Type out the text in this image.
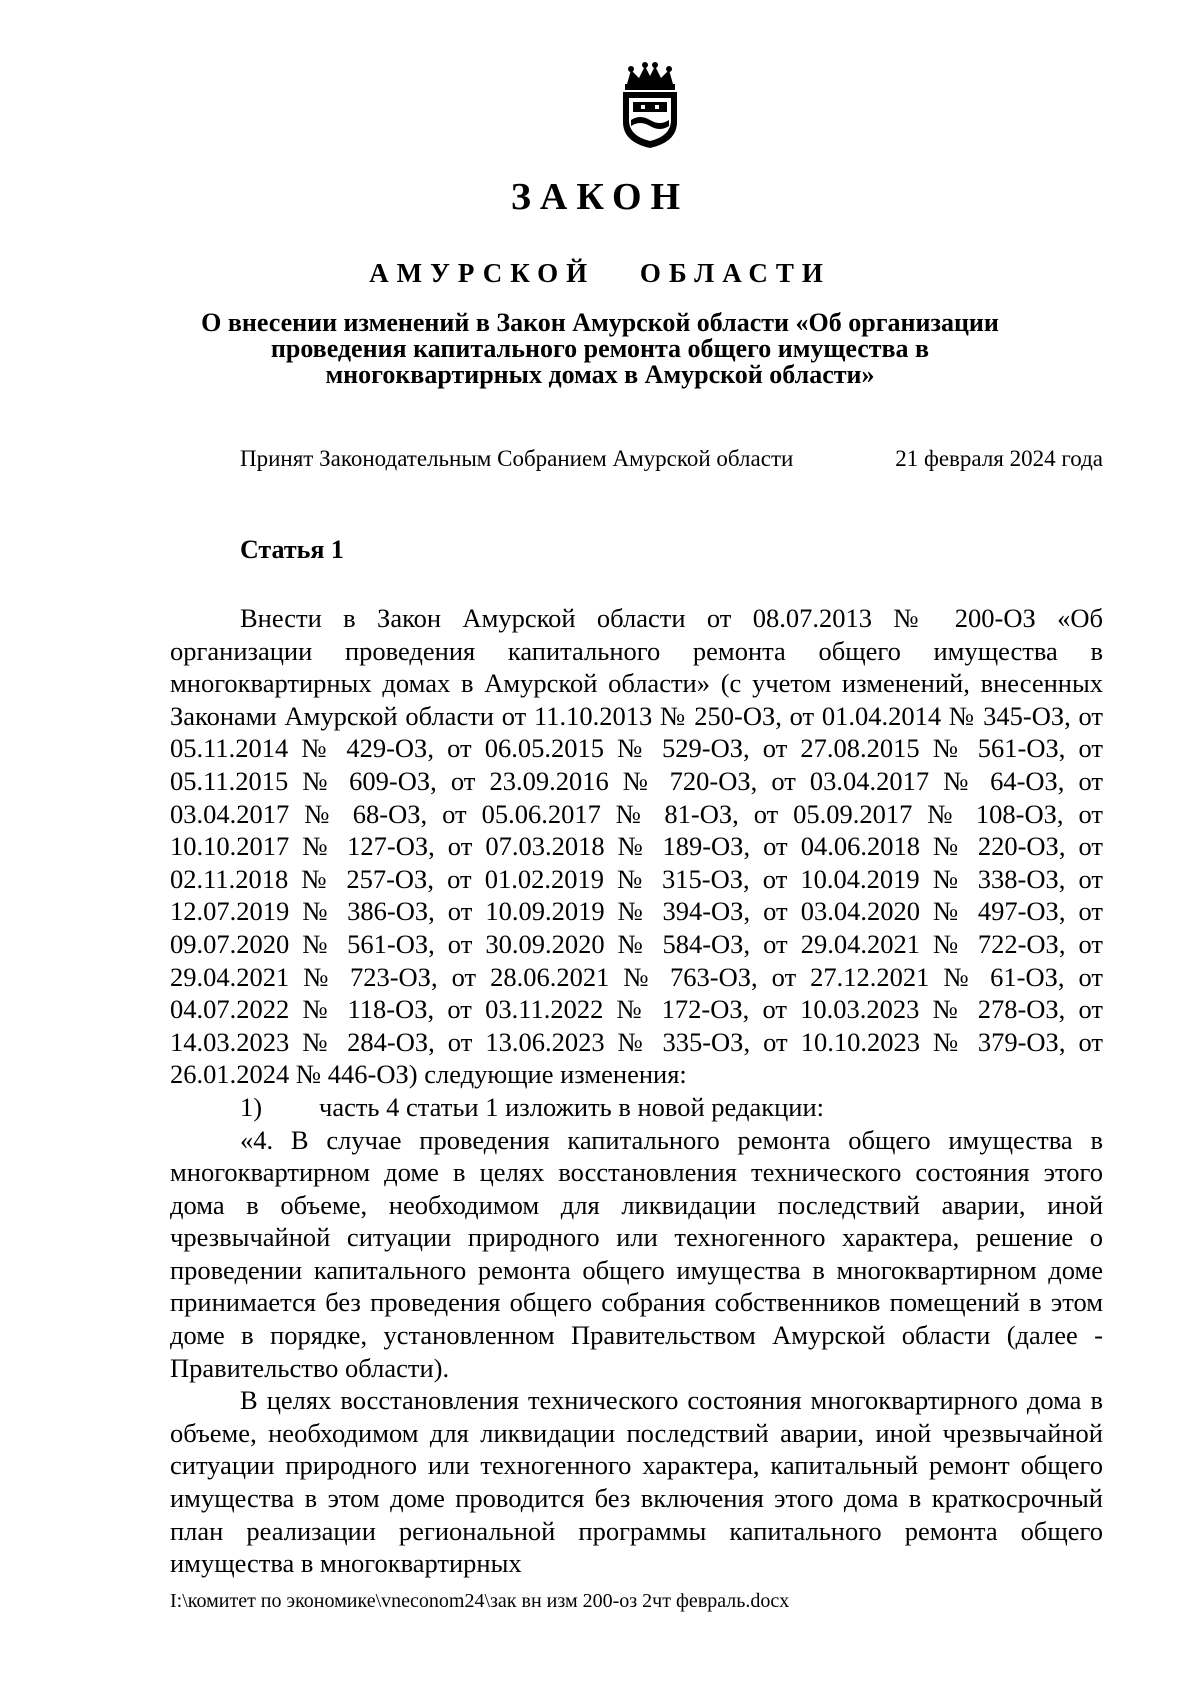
ЗАКОН
АМУРСКОЙ ОБЛАСТИ
О внесении изменений в Закон Амурской области «Об организации
проведения капитального ремонта общего имущества в
многоквартирных домах в Амурской области»
Принят Законодательным Собранием Амурской области	21 февраля 2024 года
Статья 1

Внести в Закон Амурской области от 08.07.2013 № 200-ОЗ «Об организации проведения капитального ремонта общего имущества в многоквартирных домах в Амурской области» (с учетом изменений, внесенных Законами Амурской области от 11.10.2013 № 250-ОЗ, от 01.04.2014 № 345-ОЗ, от 05.11.2014 № 429-ОЗ, от 06.05.2015 № 529-ОЗ, от 27.08.2015 № 561-ОЗ, от 05.11.2015 № 609-ОЗ, от 23.09.2016 № 720-ОЗ, от 03.04.2017 № 64-ОЗ, от 03.04.2017 № 68-ОЗ, от 05.06.2017 № 81-ОЗ, от 05.09.2017 № 108-ОЗ, от 10.10.2017 № 127-ОЗ, от 07.03.2018 № 189-ОЗ, от 04.06.2018 № 220-ОЗ, от 02.11.2018 № 257-ОЗ, от 01.02.2019 № 315-ОЗ, от 10.04.2019 № 338-ОЗ, от 12.07.2019 № 386-ОЗ, от 10.09.2019 № 394-ОЗ, от 03.04.2020 № 497-ОЗ, от 09.07.2020 № 561-ОЗ, от 30.09.2020 № 584-ОЗ, от 29.04.2021 № 722-ОЗ, от 29.04.2021 № 723-ОЗ, от 28.06.2021 № 763-ОЗ, от 27.12.2021 № 61-ОЗ, от 04.07.2022 № 118-ОЗ, от 03.11.2022 № 172-ОЗ, от 10.03.2023 № 278-ОЗ, от 14.03.2023 № 284-ОЗ, от 13.06.2023 № 335-ОЗ, от 10.10.2023 № 379-ОЗ, от 26.01.2024 № 446-ОЗ) следующие изменения:

1)	часть 4 статьи 1 изложить в новой редакции:

«4. В случае проведения капитального ремонта общего имущества в многоквартирном доме в целях восстановления технического состояния этого дома в объеме, необходимом для ликвидации последствий аварии, иной чрезвычайной ситуации природного или техногенного характера, решение о проведении капитального ремонта общего имущества в многоквартирном доме принимается без проведения общего собрания собственников помещений в этом доме в порядке, установленном Правительством Амурской области (далее - Правительство области).

В целях восстановления технического состояния многоквартирного дома в объеме, необходимом для ликвидации последствий аварии, иной чрезвычайной ситуации природного или техногенного характера, капитальный ремонт общего имущества в этом доме проводится без включения этого дома в краткосрочный план реализации региональной программы капитального ремонта общего имущества в многоквартирных

I:\комитет по экономике\vneconom24\зак вн изм 200-оз 2чт февраль.docx
